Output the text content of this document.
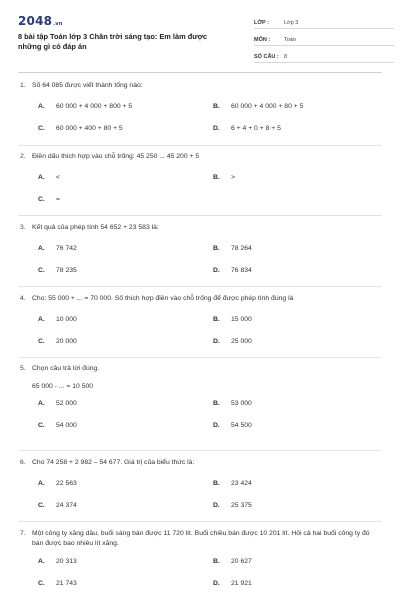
2048.vn
8 bài tập Toán lớp 3 Chân trời sáng tạo: Em làm được những gì có đáp án
LỚP :	Lớp 3
MÔN :	Toán
SỐ CÂU : 8
1. Số 64 085 được viết thành tổng nào:
A. 60 000 + 4 000 + 800 + 5	B. 60 000 + 4 000 + 80 + 5
C. 60 000 + 400 + 80 + 5	D. 6 + 4 + 0 + 8 + 5
2. Điền dấu thích hợp vào chỗ trống: 45 250 ... 45 200 + 5
A. <	B. >
C. =
3. Kết quả của phép tính 54 652 + 23 583 là:
A. 76 742	B. 78 264
C. 78 235	D. 76 834
4. Cho: 55 000 + ... = 70 000. Số thích hợp điền vào chỗ trống để được phép tính đúng là
A. 10 000	B. 15 000
C. 20 000	D. 25 000
5. Chọn câu trả lời đúng.
65 000 - ... = 10 500
A. 52 000	B. 53 000
C. 54 000	D. 54 500
6. Cho 74 258 + 2 982 – 54 677. Giá trị của biểu thức là:
A. 22 563	B. 23 424
C. 24 374	D. 25 375
7. Một công ty xăng dầu, buổi sáng bán được 11 720 lít. Buổi chiều bán được 10 201 lít. Hỏi cả hai buổi công ty đó bán được bao nhiêu lít xăng.
A. 20 313	B. 20 627
C. 21 743	D. 21 921
